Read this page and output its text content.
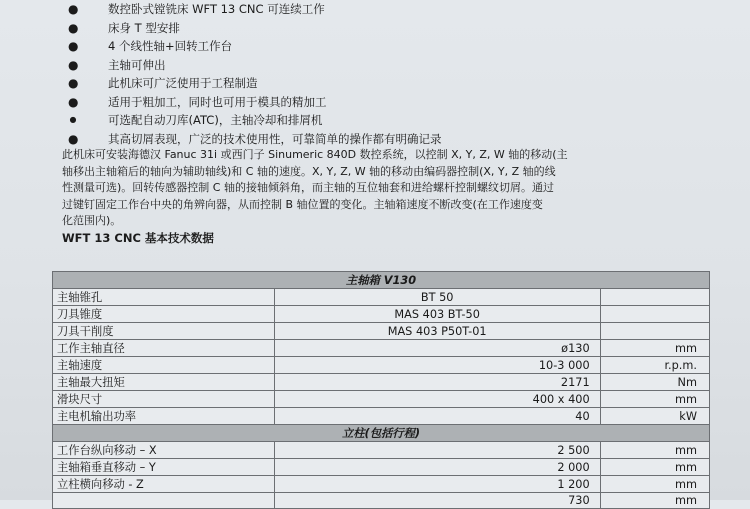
●	数控卧式镗铣床 WFT 13 CNC 可连续工作
●	床身 T 型安排
●	4 个线性轴+回转工作台
●	主轴可伸出
●	此机床可广泛使用于工程制造
●	适用于粗加工，同时也可用于模具的精加工
●	可选配自动刀库(ATC)，主轴冷却和排屑机
●	其高切屑表现，广泛的技术使用性，可靠简单的操作都有明确记录
此机床可安装海德汉 Fanuc 31i 或西门子 Sinumeric 840D 数控系统，以控制 X, Y, Z, W 轴的移动(主
轴移出主轴箱后的轴向为辅助轴线)和 C 轴的速度。X, Y, Z, W 轴的移动由编码器控制(X, Y, Z 轴的线
性测量可选)。回转传感器控制 C 轴的接轴倾斜角，而主轴的互位轴套和进给螺杆控制螺纹切屑。通过
过键钉固定工作台中央的角辨向器，从而控制 B 轴位置的变化。主轴箱速度不断改变(在工作速度变
化范围内)。
WFT 13 CNC 基本技术数据
主轴箱 V130		
主轴锥孔	BT 50	
刀具锥度	MAS 403 BT-50	
刀具干削度	MAS 403 P50T-01	
工作主轴直径	ø130	mm
主轴速度	10-3 000	r.p.m.
主轴最大扭矩	2171	Nm
滑块尺寸	400 x 400	mm
主电机输出功率	40	kW
立柱(包括行程)		
工作台纵向移动 – X	2 500	mm
主轴箱垂直移动 – Y	2 000	mm
立柱横向移动 - Z	1 200	mm
	730	mm
